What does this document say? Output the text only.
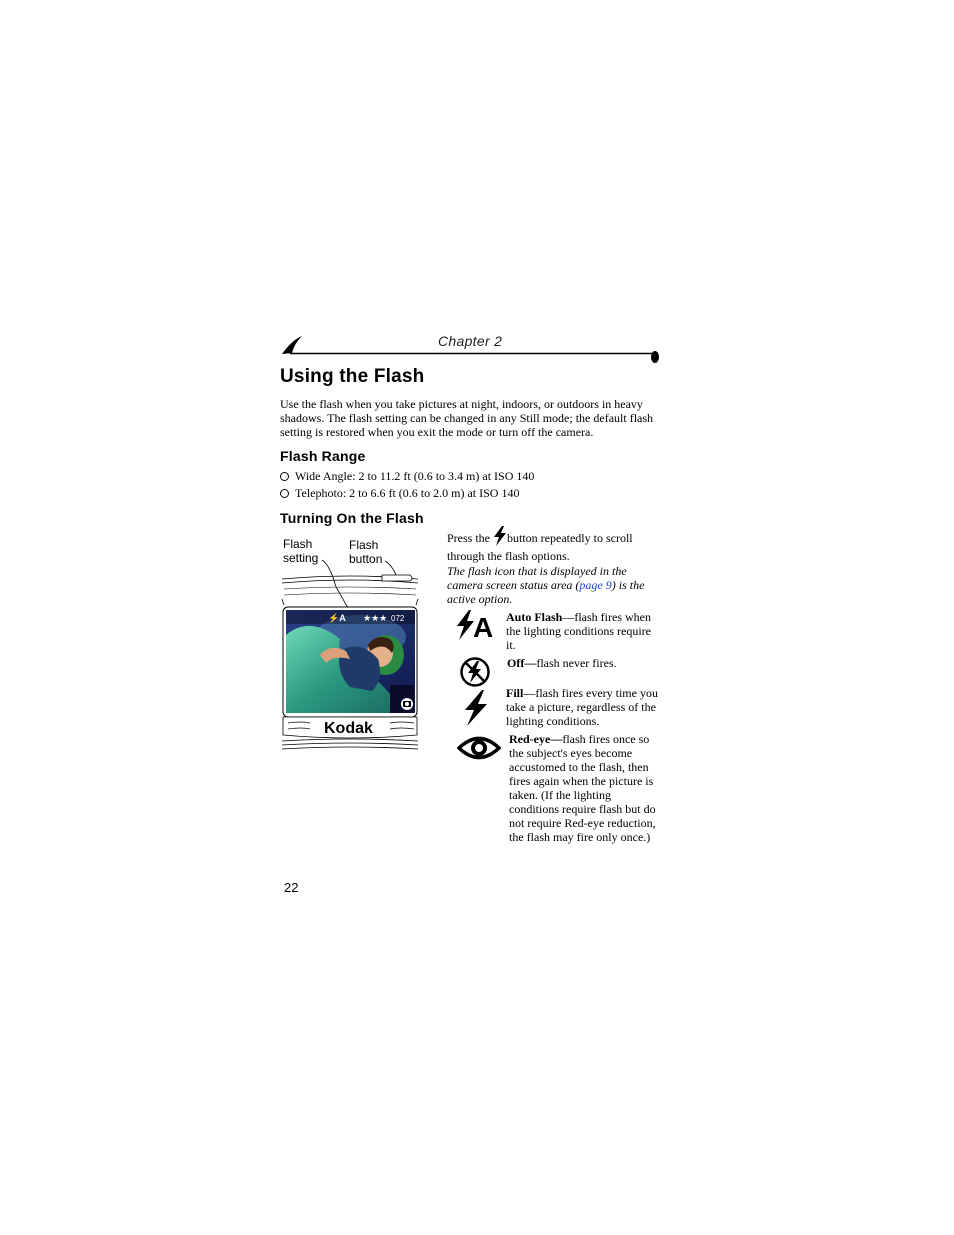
Chapter 2
Using the Flash
Use the flash when you take pictures at night, indoors, or outdoors in heavy shadows. The flash setting can be changed in any Still mode; the default flash setting is restored when you exit the mode or turn off the camera.
Flash Range
Wide Angle: 2 to 11.2 ft (0.6 to 3.4 m) at ISO 140
Telephoto: 2 to 6.6 ft (0.6 to 2.0 m) at ISO 140
Turning On the Flash
Flash
setting
Flash
button
⚡A ★★★ 072
Kodak
Press the button repeatedly to scroll through the flash options.
The flash icon that is displayed in the camera screen status area (page 9) is the active option.
A Auto Flash—flash fires when the lighting conditions require it.
Off—flash never fires.
Fill—flash fires every time you take a picture, regardless of the lighting conditions.
Red-eye—flash fires once so the subject's eyes become accustomed to the flash, then fires again when the picture is taken. (If the lighting conditions require flash but do not require Red-eye reduction, the flash may fire only once.)
22
